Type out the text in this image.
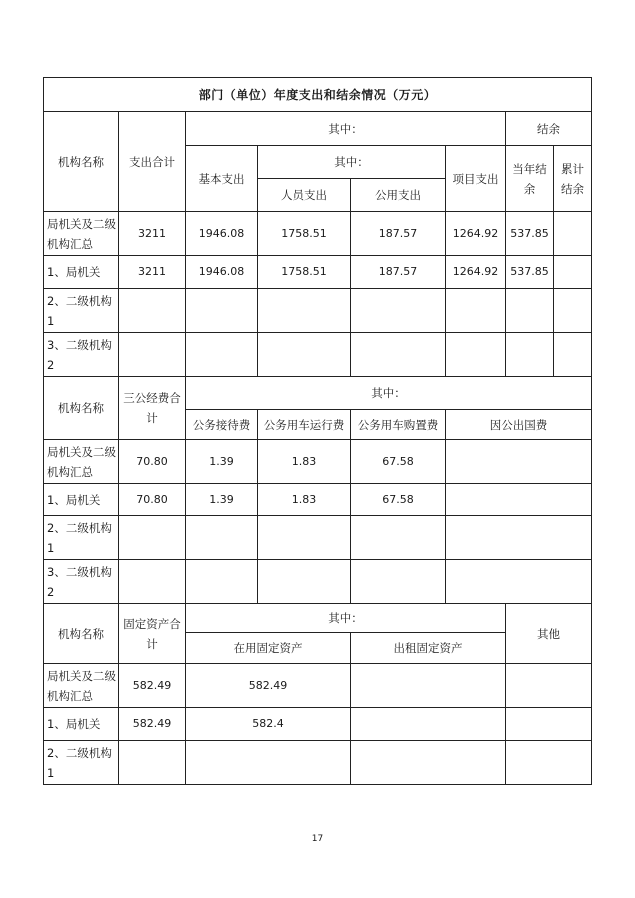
部门（单位）年度支出和结余情况（万元）							
机构名称	支出合计	其中：				结余	
		基本支出	其中：		项目支出	当年结余	累计结余
			人员支出	公用支出			
局机关及二级机构汇总	3211	1946.08	1758.51	187.57	1264.92	537.85	
1、局机关	3211	1946.08	1758.51	187.57	1264.92	537.85	
2、二级机构1							
3、二级机构2							
机构名称	三公经费合计	其中：					
		公务接待费	公务用车运行费	公务用车购置费	因公出国费		
局机关及二级机构汇总	70.80	1.39	1.83	67.58			
1、局机关	70.80	1.39	1.83	67.58			
2、二级机构1							
3、二级机构2							
机构名称	固定资产合计	其中：				其他	
		在用固定资产		出租固定资产			
局机关及二级机构汇总	582.49	582.49					
1、局机关	582.49	582.4					
2、二级机构1							
17
